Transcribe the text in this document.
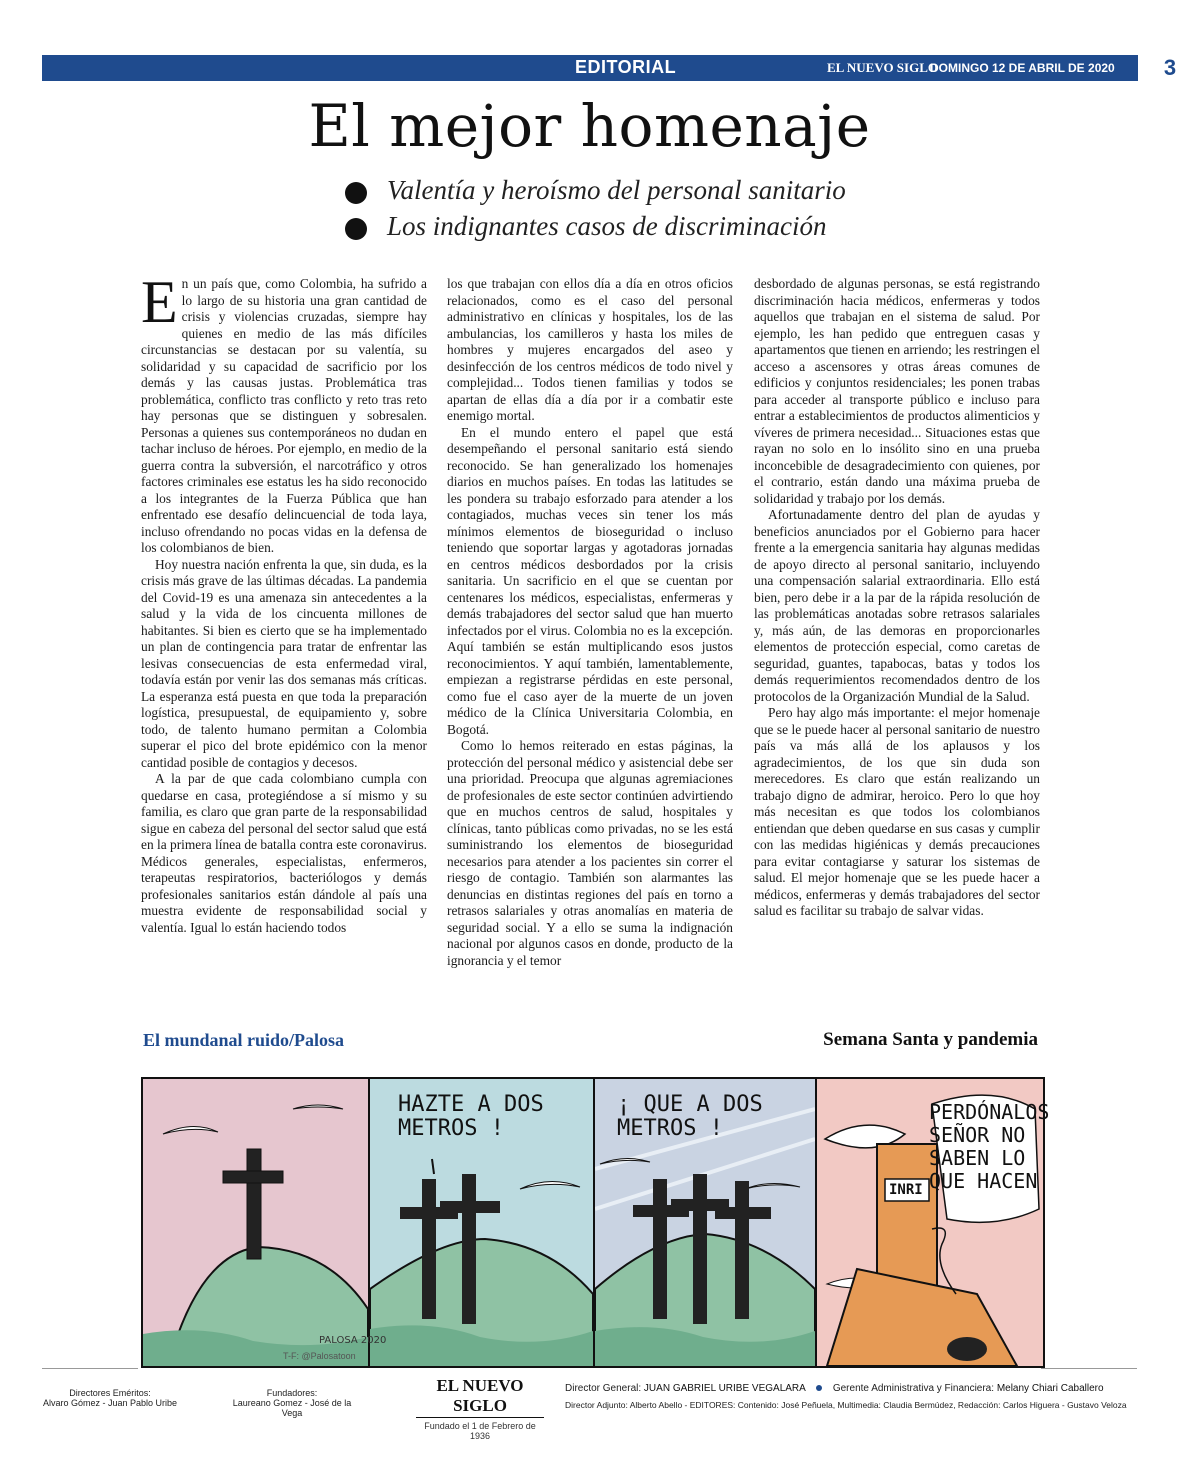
EDITORIAL	EL NUEVO SIGLO
DOMINGO 12 DE ABRIL DE 2020 3
El mejor homenaje
Valentía y heroísmo del personal sanitario
Los indignantes casos de discriminación

En un país que, como Colombia, ha sufrido a lo largo de su historia una gran cantidad de crisis y violencias cruzadas, siempre hay quienes en medio de las más difíciles circunstancias se destacan por su valentía, su solidaridad y su capacidad de sacrificio por los demás y las causas justas. Problemática tras problemática, conflicto tras conflicto y reto tras reto hay personas que se distinguen y sobresalen. Personas a quienes sus contemporáneos no dudan en tachar incluso de héroes. Por ejemplo, en medio de la guerra contra la subversión, el narcotráfico y otros factores criminales ese estatus les ha sido reconocido a los integrantes de la Fuerza Pública que han enfrentado ese desafío delincuencial de toda laya, incluso ofrendando no pocas vidas en la defensa de los colombianos de bien.

Hoy nuestra nación enfrenta la que, sin duda, es la crisis más grave de las últimas décadas. La pandemia del Covid-19 es una amenaza sin antecedentes a la salud y la vida de los cincuenta millones de habitantes. Si bien es cierto que se ha implementado un plan de contingencia para tratar de enfrentar las lesivas consecuencias de esta enfermedad viral, todavía están por venir las dos semanas más críticas. La esperanza está puesta en que toda la preparación logística, presupuestal, de equipamiento y, sobre todo, de talento humano permitan a Colombia superar el pico del brote epidémico con la menor cantidad posible de contagios y decesos.

A la par de que cada colombiano cumpla con quedarse en casa, protegiéndose a sí mismo y su familia, es claro que gran parte de la responsabilidad sigue en cabeza del personal del sector salud que está en la primera línea de batalla contra este coronavirus. Médicos generales, especialistas, enfermeros, terapeutas respiratorios, bacteriólogos y demás profesionales sanitarios están dándole al país una muestra evidente de responsabilidad social y valentía. Igual lo están haciendo todos

los que trabajan con ellos día a día en otros oficios relacionados, como es el caso del personal administrativo en clínicas y hospitales, los de las ambulancias, los camilleros y hasta los miles de hombres y mujeres encargados del aseo y desinfección de los centros médicos de todo nivel y complejidad... Todos tienen familias y todos se apartan de ellas día a día por ir a combatir este enemigo mortal.

En el mundo entero el papel que está desempeñando el personal sanitario está siendo reconocido. Se han generalizado los homenajes diarios en muchos países. En todas las latitudes se les pondera su trabajo esforzado para atender a los contagiados, muchas veces sin tener los más mínimos elementos de bioseguridad o incluso teniendo que soportar largas y agotadoras jornadas en centros médicos desbordados por la crisis sanitaria. Un sacrificio en el que se cuentan por centenares los médicos, especialistas, enfermeras y demás trabajadores del sector salud que han muerto infectados por el virus. Colombia no es la excepción. Aquí también se están multiplicando esos justos reconocimientos. Y aquí también, lamentablemente, empiezan a registrarse pérdidas en este personal, como fue el caso ayer de la muerte de un joven médico de la Clínica Universitaria Colombia, en Bogotá.

Como lo hemos reiterado en estas páginas, la protección del personal médico y asistencial debe ser una prioridad. Preocupa que algunas agremiaciones de profesionales de este sector continúen advirtiendo que en muchos centros de salud, hospitales y clínicas, tanto públicas como privadas, no se les está suministrando los elementos de bioseguridad necesarios para atender a los pacientes sin correr el riesgo de contagio. También son alarmantes las denuncias en distintas regiones del país en torno a retrasos salariales y otras anomalías en materia de seguridad social. Y a ello se suma la indignación nacional por algunos casos en donde, producto de la ignorancia y el temor

desbordado de algunas personas, se está registrando discriminación hacia médicos, enfermeras y todos aquellos que trabajan en el sistema de salud. Por ejemplo, les han pedido que entreguen casas y apartamentos que tienen en arriendo; les restringen el acceso a ascensores y otras áreas comunes de edificios y conjuntos residenciales; les ponen trabas para acceder al transporte público e incluso para entrar a establecimientos de productos alimenticios y víveres de primera necesidad... Situaciones estas que rayan no solo en lo insólito sino en una prueba inconcebible de desagradecimiento con quienes, por el contrario, están dando una máxima prueba de solidaridad y trabajo por los demás.

Afortunadamente dentro del plan de ayudas y beneficios anunciados por el Gobierno para hacer frente a la emergencia sanitaria hay algunas medidas de apoyo directo al personal sanitario, incluyendo una compensación salarial extraordinaria. Ello está bien, pero debe ir a la par de la rápida resolución de las problemáticas anotadas sobre retrasos salariales y, más aún, de las demoras en proporcionarles elementos de protección especial, como caretas de seguridad, guantes, tapabocas, batas y todos los demás requerimientos recomendados dentro de los protocolos de la Organización Mundial de la Salud.

Pero hay algo más importante: el mejor homenaje que se le puede hacer al personal sanitario de nuestro país va más allá de los aplausos y los agradecimientos, de los que sin duda son merecedores. Es claro que están realizando un trabajo digno de admirar, heroico. Pero lo que hoy más necesitan es que todos los colombianos entiendan que deben quedarse en sus casas y cumplir con las medidas higiénicas y demás precauciones para evitar contagiarse y saturar los sistemas de salud. El mejor homenaje que se les puede hacer a médicos, enfermeras y demás trabajadores del sector salud es facilitar su trabajo de salvar vidas.

El mundanal ruido/Palosa	Semana Santa y pandemia
HAZTE A DOS METROS !
¡ QUE A DOS METROS !
INRI
PERDÓNALOS SEÑOR NO SABEN LO QUE HACEN
PALOSA 2020
T-F: @Palosatoon
Directores Eméritos:
Alvaro Gómez - Juan Pablo Uribe
Fundadores:
Laureano Gomez - José de la Vega
EL NUEVO SIGLO
Fundado el 1 de Febrero de 1936
Director General: JUAN GABRIEL URIBE VEGALARA	Gerente Administrativa y Financiera: Melany Chiari Caballero
Director Adjunto: Alberto Abello - EDITORES: Contenido: José Peñuela, Multimedia: Claudia Bermúdez, Redacción: Carlos Higuera - Gustavo Veloza
